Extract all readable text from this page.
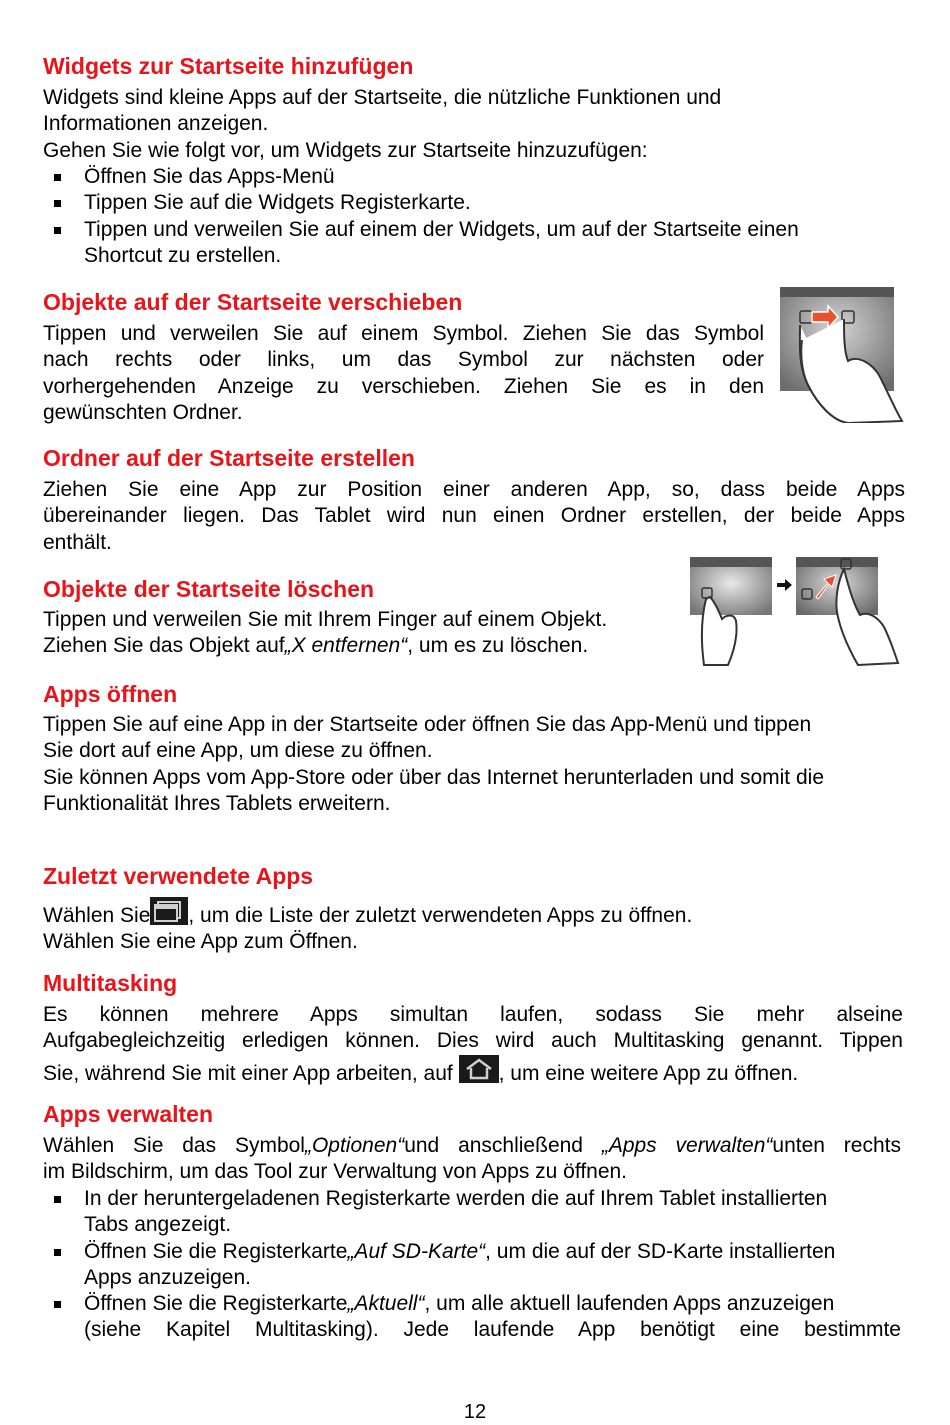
Widgets zur Startseite hinzufügen

Widgets sind kleine Apps auf der Startseite, die nützliche Funktionen und
Informationen anzeigen.
Gehen Sie wie folgt vor, um Widgets zur Startseite hinzuzufügen:

Öffnen Sie das Apps-Menü
Tippen Sie auf die Widgets Registerkarte.
Tippen und verweilen Sie auf einem der Widgets, um auf der Startseite einen
Shortcut zu erstellen.
Objekte auf der Startseite verschieben

Tippen und verweilen Sie auf einem Symbol. Ziehen Sie das Symbol
nach rechts oder links, um das Symbol zur nächsten oder
vorhergehenden Anzeige zu verschieben. Ziehen Sie es in den
gewünschten Ordner.

Ordner auf der Startseite erstellen

Ziehen Sie eine App zur Position einer anderen App, so, dass beide Apps
übereinander liegen. Das Tablet wird nun einen Ordner erstellen, der beide Apps
enthält.

Objekte der Startseite löschen

Tippen und verweilen Sie mit Ihrem Finger auf einem Objekt.
Ziehen Sie das Objekt auf„X entfernen“, um es zu löschen.

Apps öffnen

Tippen Sie auf eine App in der Startseite oder öffnen Sie das App-Menü und tippen
Sie dort auf eine App, um diese zu öffnen.
Sie können Apps vom App-Store oder über das Internet herunterladen und somit die
Funktionalität Ihres Tablets erweitern.

Zuletzt verwendete Apps

Wählen Sie , um die Liste der zuletzt verwendeten Apps zu öffnen.
Wählen Sie eine App zum Öffnen.

Multitasking

Es können mehrere Apps simultan laufen, sodass Sie mehr alseine
Aufgabegleichzeitig erledigen können. Dies wird auch Multitasking genannt. Tippen
Sie, während Sie mit einer App arbeiten, auf , um eine weitere App zu öffnen.

Apps verwalten

Wählen Sie das Symbol„Optionen“und anschließend „Apps verwalten“unten rechts
im Bildschirm, um das Tool zur Verwaltung von Apps zu öffnen.

In der heruntergeladenen Registerkarte werden die auf Ihrem Tablet installierten
Tabs angezeigt.
Öffnen Sie die Registerkarte„Auf SD-Karte“, um die auf der SD-Karte installierten
Apps anzuzeigen.
Öffnen Sie die Registerkarte„Aktuell“, um alle aktuell laufenden Apps anzuzeigen
(siehe Kapitel Multitasking). Jede laufende App benötigt eine bestimmte
12
